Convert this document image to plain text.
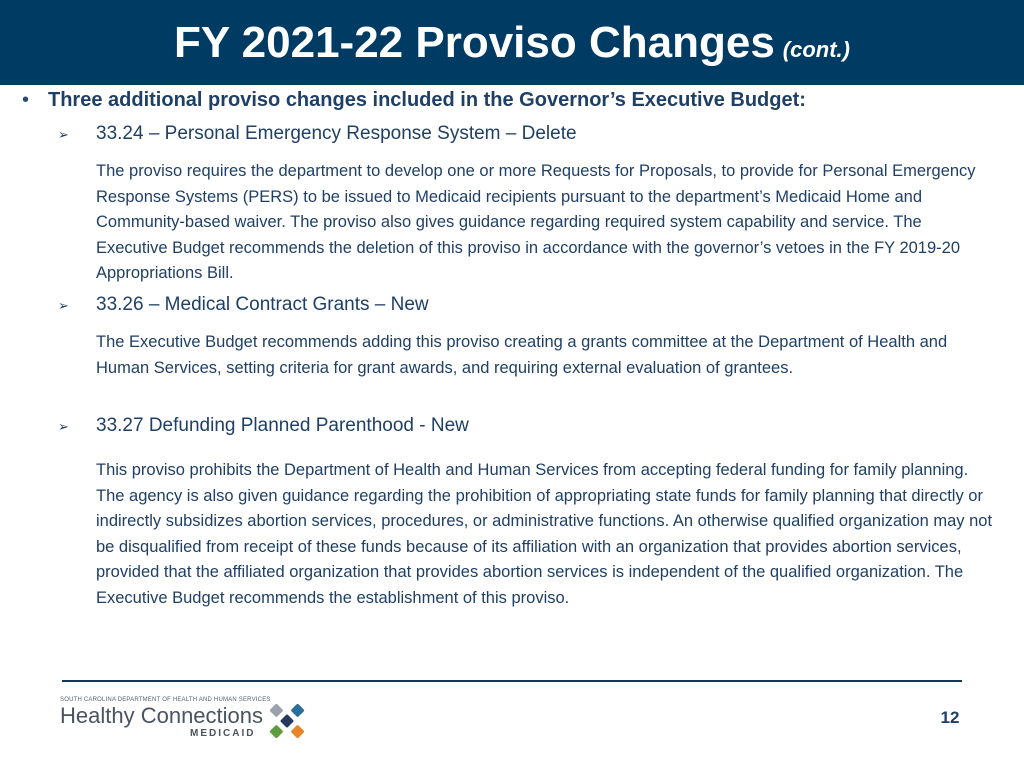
FY 2021-22 Proviso Changes (cont.)
• Three additional proviso changes included in the Governor’s Executive Budget:
➢	33.24 – Personal Emergency Response System – Delete
The proviso requires the department to develop one or more Requests for Proposals, to provide for Personal Emergency Response Systems (PERS) to be issued to Medicaid recipients pursuant to the department’s Medicaid Home and Community-based waiver. The proviso also gives guidance regarding required system capability and service. The Executive Budget recommends the deletion of this proviso in accordance with the governor’s vetoes in the FY 2019-20 Appropriations Bill.
➢	33.26 – Medical Contract Grants – New
The Executive Budget recommends adding this proviso creating a grants committee at the Department of Health and Human Services, setting criteria for grant awards, and requiring external evaluation of grantees.
➢	33.27 Defunding Planned Parenthood - New
This proviso prohibits the Department of Health and Human Services from accepting federal funding for family planning. The agency is also given guidance regarding the prohibition of appropriating state funds for family planning that directly or indirectly subsidizes abortion services, procedures, or administrative functions. An otherwise qualified organization may not be disqualified from receipt of these funds because of its affiliation with an organization that provides abortion services, provided that the affiliated organization that provides abortion services is independent of the qualified organization. The Executive Budget recommends the establishment of this proviso.
SOUTH CAROLINA DEPARTMENT OF HEALTH AND HUMAN SERVICES
Healthy Connections
MEDICAID
12
